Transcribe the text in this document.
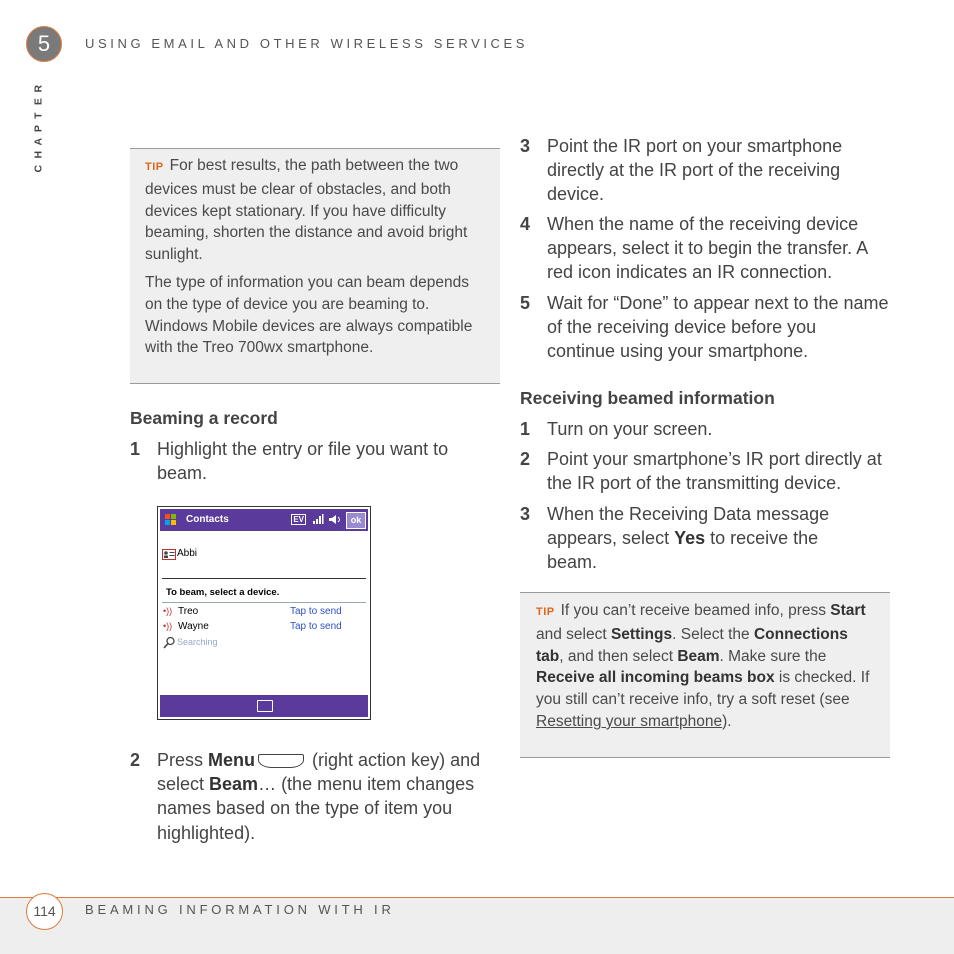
5	USING EMAIL AND OTHER WIRELESS SERVICES
R
E
T
P
A
H
C	TIP For best results, the path between the two devices must be clear of obstacles, and both devices kept stationary. If you have difficulty beaming, shorten the distance and avoid bright sunlight.

The type of information you can beam depends on the type of device you are beaming to. Windows Mobile devices are always compatible with the Treo 700wx smartphone.

Beaming a record
1 Highlight the entry or file you want to beam.
Contacts	EV	ok
Abbi
To beam, select a device.
•)) Treo	Tap to send
•)) Wayne	Tap to send
Searching
2 Press Menu	(right action key) and select Beam… (the menu item changes names based on the type of item you highlighted).
3 Point the IR port on your smartphone directly at the IR port of the receiving device.
4 When the name of the receiving device appears, select it to begin the transfer. A red icon indicates an IR connection.
5 Wait for “Done” to appear next to the name of the receiving device before you continue using your smartphone.
Receiving beamed information
1 Turn on your screen.
2 Point your smartphone’s IR port directly at the IR port of the transmitting device.
3 When the Receiving Data message appears, select Yes to receive the beam.

TIP If you can’t receive beamed info, press Start and select Settings. Select the Connections tab, and then select Beam. Make sure the Receive all incoming beams box is checked. If you still can’t receive info, try a soft reset (see Resetting your smartphone).

114	BEAMING INFORMATION WITH IR
